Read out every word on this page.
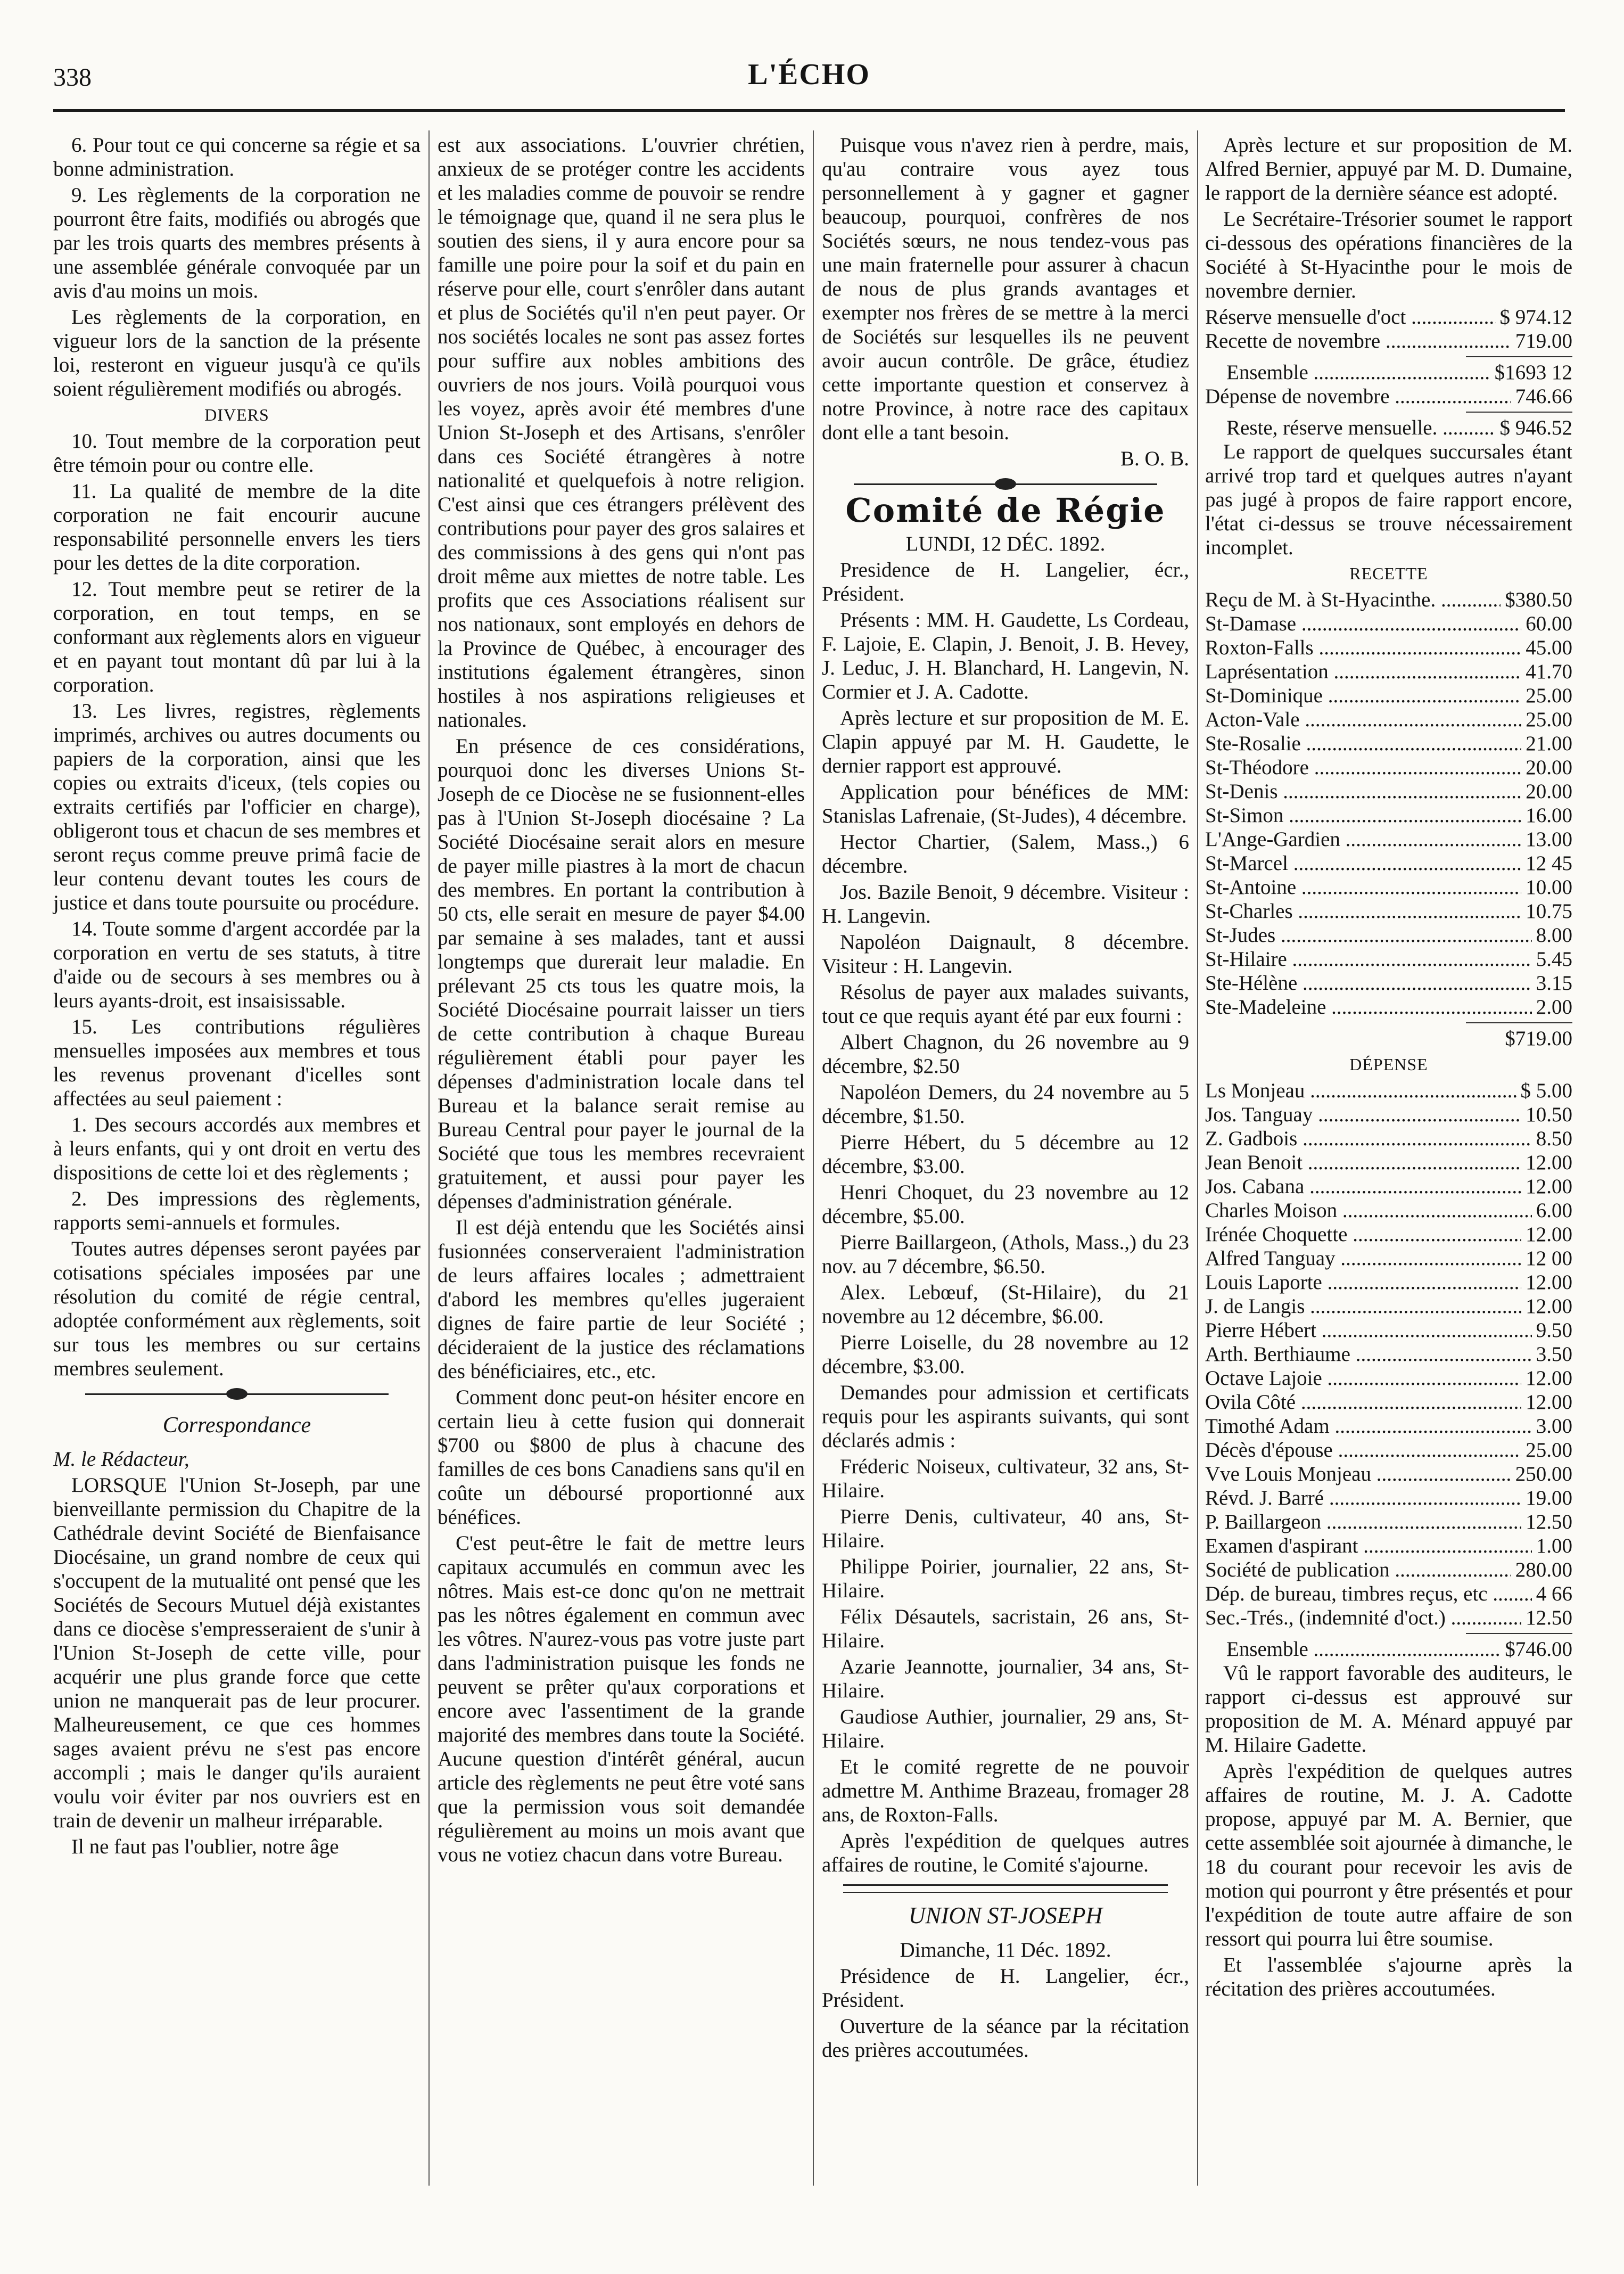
338	L'ÉCHO

6. Pour tout ce qui concerne sa régie et sa bonne administration.

9. Les règlements de la corporation ne pourront être faits, modifiés ou abrogés que par les trois quarts des membres présents à une assemblée générale convoquée par un avis d'au moins un mois.

Les règlements de la corporation, en vigueur lors de la sanction de la présente loi, resteront en vigueur jusqu'à ce qu'ils soient régulièrement modifiés ou abrogés.

DIVERS

10. Tout membre de la corporation peut être témoin pour ou contre elle.

11. La qualité de membre de la dite corporation ne fait encourir aucune responsabilité personnelle envers les tiers pour les dettes de la dite corporation.

12. Tout membre peut se retirer de la corporation, en tout temps, en se conformant aux règlements alors en vigueur et en payant tout montant dû par lui à la corporation.

13. Les livres, registres, règlements imprimés, archives ou autres documents ou papiers de la corporation, ainsi que les copies ou extraits d'iceux, (tels copies ou extraits certifiés par l'officier en charge), obligeront tous et chacun de ses membres et seront reçus comme preuve primâ facie de leur contenu devant toutes les cours de justice et dans toute poursuite ou procédure.

14. Toute somme d'argent accordée par la corporation en vertu de ses statuts, à titre d'aide ou de secours à ses membres ou à leurs ayants-droit, est insaisissable.

15. Les contributions régulières mensuelles imposées aux membres et tous les revenus provenant d'icelles sont affectées au seul paiement :

1. Des secours accordés aux membres et à leurs enfants, qui y ont droit en vertu des dispositions de cette loi et des règlements ;

2. Des impressions des règlements, rapports semi-annuels et formules.

Toutes autres dépenses seront payées par cotisations spéciales imposées par une résolution du comité de régie central, adoptée conformément aux règlements, soit sur tous les membres ou sur certains membres seulement.

Correspondance

M. le Rédacteur,

LORSQUE l'Union St-Joseph, par une bienveillante permission du Chapitre de la Cathédrale devint Société de Bienfaisance Diocésaine, un grand nombre de ceux qui s'occupent de la mutualité ont pensé que les Sociétés de Secours Mutuel déjà existantes dans ce diocèse s'empresseraient de s'unir à l'Union St-Joseph de cette ville, pour acquérir une plus grande force que cette union ne manquerait pas de leur procurer. Malheureusement, ce que ces hommes sages avaient prévu ne s'est pas encore accompli ; mais le danger qu'ils auraient voulu voir éviter par nos ouvriers est en train de devenir un malheur irréparable.

Il ne faut pas l'oublier, notre âge

est aux associations. L'ouvrier chrétien, anxieux de se protéger contre les accidents et les maladies comme de pouvoir se rendre le témoignage que, quand il ne sera plus le soutien des siens, il y aura encore pour sa famille une poire pour la soif et du pain en réserve pour elle, court s'enrôler dans autant et plus de Sociétés qu'il n'en peut payer. Or nos sociétés locales ne sont pas assez fortes pour suffire aux nobles ambitions des ouvriers de nos jours. Voilà pourquoi vous les voyez, après avoir été membres d'une Union St-Joseph et des Artisans, s'enrôler dans ces Société étrangères à notre nationalité et quelquefois à notre religion. C'est ainsi que ces étrangers prélèvent des contributions pour payer des gros salaires et des commissions à des gens qui n'ont pas droit même aux miettes de notre table. Les profits que ces Associations réalisent sur nos nationaux, sont employés en dehors de la Province de Québec, à encourager des institutions également étrangères, sinon hostiles à nos aspirations religieuses et nationales.

En présence de ces considérations, pourquoi donc les diverses Unions St-Joseph de ce Diocèse ne se fusionnent-elles pas à l'Union St-Joseph diocésaine ? La Société Diocésaine serait alors en mesure de payer mille piastres à la mort de chacun des membres. En portant la contribution à 50 cts, elle serait en mesure de payer $4.00 par semaine à ses malades, tant et aussi longtemps que durerait leur maladie. En prélevant 25 cts tous les quatre mois, la Société Diocésaine pourrait laisser un tiers de cette contribution à chaque Bureau régulièrement établi pour payer les dépenses d'administration locale dans tel Bureau et la balance serait remise au Bureau Central pour payer le journal de la Société que tous les membres recevraient gratuitement, et aussi pour payer les dépenses d'administration générale.

Il est déjà entendu que les Sociétés ainsi fusionnées conserveraient l'administration de leurs affaires locales ; admettraient d'abord les membres qu'elles jugeraient dignes de faire partie de leur Société ; décideraient de la justice des réclamations des bénéficiaires, etc., etc.

Comment donc peut-on hésiter encore en certain lieu à cette fusion qui donnerait $700 ou $800 de plus à chacune des familles de ces bons Canadiens sans qu'il en coûte un déboursé proportionné aux bénéfices.

C'est peut-être le fait de mettre leurs capitaux accumulés en commun avec les nôtres. Mais est-ce donc qu'on ne mettrait pas les nôtres également en commun avec les vôtres. N'aurez-vous pas votre juste part dans l'administration puisque les fonds ne peuvent se prêter qu'aux corporations et encore avec l'assentiment de la grande majorité des membres dans toute la Société. Aucune question d'intérêt général, aucun article des règlements ne peut être voté sans que la permission vous soit demandée régulièrement au moins un mois avant que vous ne votiez chacun dans votre Bureau.

Puisque vous n'avez rien à perdre, mais, qu'au contraire vous ayez tous personnellement à y gagner et gagner beaucoup, pourquoi, confrères de nos Sociétés sœurs, ne nous tendez-vous pas une main fraternelle pour assurer à chacun de nous de plus grands avantages et exempter nos frères de se mettre à la merci de Sociétés sur lesquelles ils ne peuvent avoir aucun contrôle. De grâce, étudiez cette importante question et conservez à notre Province, à notre race des capitaux dont elle a tant besoin.

B. O. B.

Comité de Régie

LUNDI, 12 DÉC. 1892.

Presidence de H. Langelier, écr., Président.

Présents : MM. H. Gaudette, Ls Cordeau, F. Lajoie, E. Clapin, J. Benoit, J. B. Hevey, J. Leduc, J. H. Blanchard, H. Langevin, N. Cormier et J. A. Cadotte.

Après lecture et sur proposition de M. E. Clapin appuyé par M. H. Gaudette, le dernier rapport est approuvé.

Application pour bénéfices de MM: Stanislas Lafrenaie, (St-Judes), 4 décembre.

Hector Chartier, (Salem, Mass.,) 6 décembre.

Jos. Bazile Benoit, 9 décembre. Visiteur : H. Langevin.

Napoléon Daignault, 8 décembre. Visiteur : H. Langevin.

Résolus de payer aux malades suivants, tout ce que requis ayant été par eux fourni :

Albert Chagnon, du 26 novembre au 9 décembre, $2.50

Napoléon Demers, du 24 novembre au 5 décembre, $1.50.

Pierre Hébert, du 5 décembre au 12 décembre, $3.00.

Henri Choquet, du 23 novembre au 12 décembre, $5.00.

Pierre Baillargeon, (Athols, Mass.,) du 23 nov. au 7 décembre, $6.50.

Alex. Lebœuf, (St-Hilaire), du 21 novembre au 12 décembre, $6.00.

Pierre Loiselle, du 28 novembre au 12 décembre, $3.00.

Demandes pour admission et certificats requis pour les aspirants suivants, qui sont déclarés admis :

Fréderic Noiseux, cultivateur, 32 ans, St-Hilaire.

Pierre Denis, cultivateur, 40 ans, St-Hilaire.

Philippe Poirier, journalier, 22 ans, St-Hilaire.

Félix Désautels, sacristain, 26 ans, St-Hilaire.

Azarie Jeannotte, journalier, 34 ans, St-Hilaire.

Gaudiose Authier, journalier, 29 ans, St-Hilaire.

Et le comité regrette de ne pouvoir admettre M. Anthime Brazeau, fromager 28 ans, de Roxton-Falls.

Après l'expédition de quelques autres affaires de routine, le Comité s'ajourne.

UNION ST-JOSEPH

Dimanche, 11 Déc. 1892.

Présidence de H. Langelier, écr., Président.

Ouverture de la séance par la récitation des prières accoutumées.

Après lecture et sur proposition de M. Alfred Bernier, appuyé par M. D. Dumaine, le rapport de la dernière séance est adopté.

Le Secrétaire-Trésorier soumet le rapport ci-dessous des opérations financières de la Société à St-Hyacinthe pour le mois de novembre dernier.

Réserve mensuelle d'oct .....	$ 974.12
Recette de novembre .....	719.00
Ensemble .....	$1693 12
Dépense de novembre .....	746.66
Reste, réserve mensuelle. .....	$ 946.52

Le rapport de quelques succursales étant arrivé trop tard et quelques autres n'ayant pas jugé à propos de faire rapport encore, l'état ci-dessus se trouve nécessairement incomplet.

RECETTE

Reçu de M. à St-Hyacinthe. .....	$380.50
St-Damase .....	60.00
Roxton-Falls .....	45.00
Laprésentation .....	41.70
St-Dominique .....	25.00
Acton-Vale .....	25.00
Ste-Rosalie .....	21.00
St-Théodore .....	20.00
St-Denis .....	20.00
St-Simon .....	16.00
L'Ange-Gardien .....	13.00
St-Marcel .....	12 45
St-Antoine .....	10.00
St-Charles .....	10.75
St-Judes .....	8.00
St-Hilaire .....	5.45
Ste-Hélène .....	3.15
Ste-Madeleine .....	2.00

$719.00

DÉPENSE

Ls Monjeau .....	$ 5.00
Jos. Tanguay .....	10.50
Z. Gadbois .....	8.50
Jean Benoit .....	12.00
Jos. Cabana .....	12.00
Charles Moison .....	6.00
Irénée Choquette .....	12.00
Alfred Tanguay .....	12 00
Louis Laporte .....	12.00
J. de Langis .....	12.00
Pierre Hébert .....	9.50
Arth. Berthiaume .....	3.50
Octave Lajoie .....	12.00
Ovila Côté .....	12.00
Timothé Adam .....	3.00
Décès d'épouse .....	25.00
Vve Louis Monjeau .....	250.00
Révd. J. Barré .....	19.00
P. Baillargeon .....	12.50
Examen d'aspirant .....	1.00
Société de publication .....	280.00
Dép. de bureau, timbres reçus, etc .....	4 66
Sec.-Trés., (indemnité d'oct.) .....	12.50
Ensemble .....	$746.00

Vû le rapport favorable des auditeurs, le rapport ci-dessus est approuvé sur proposition de M. A. Ménard appuyé par M. Hilaire Gadette.

Après l'expédition de quelques autres affaires de routine, M. J. A. Cadotte propose, appuyé par M. A. Bernier, que cette assemblée soit ajournée à dimanche, le 18 du courant pour recevoir les avis de motion qui pourront y être présentés et pour l'expédition de toute autre affaire de son ressort qui pourra lui être soumise.

Et l'assemblée s'ajourne après la récitation des prières accoutumées.
